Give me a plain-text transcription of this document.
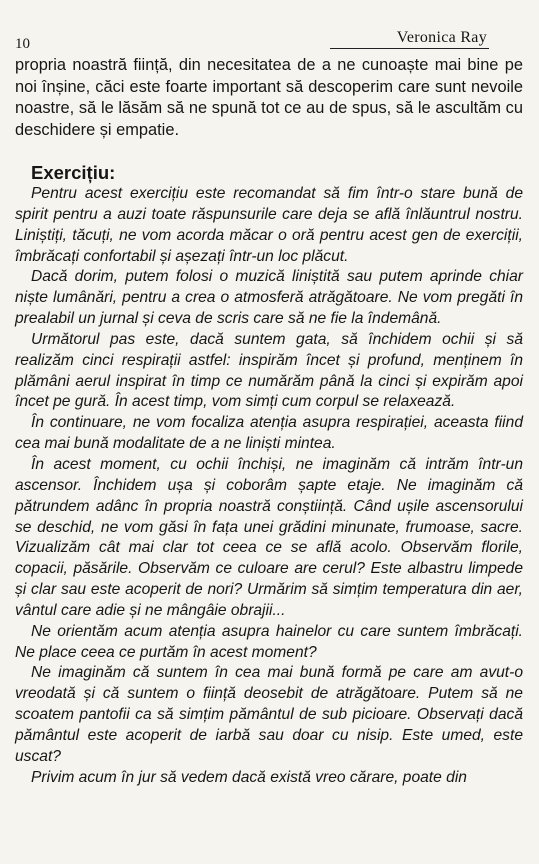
10	Veronica Ray

propria noastră ființă, din necesitatea de a ne cunoaște mai bine pe noi înșine, căci este foarte important să descoperim care sunt nevoile noastre, să le lăsăm să ne spună tot ce au de spus, să le ascultăm cu deschidere și empatie.

Exercițiu:

Pentru acest exercițiu este recomandat să fim într-o stare bună de spirit pentru a auzi toate răspunsurile care deja se află înlăuntrul nostru. Liniștiți, tăcuți, ne vom acorda măcar o oră pentru acest gen de exerciții, îmbrăcați confortabil și așezați într-un loc plăcut.

Dacă dorim, putem folosi o muzică liniștită sau putem aprinde chiar niște lumânări, pentru a crea o atmosferă atrăgătoare. Ne vom pregăti în prealabil un jurnal și ceva de scris care să ne fie la îndemână.

Următorul pas este, dacă suntem gata, să închidem ochii și să realizăm cinci respirații astfel: inspirăm încet și profund, menținem în plămâni aerul inspirat în timp ce numărăm până la cinci și expirăm apoi încet pe gură. În acest timp, vom simți cum corpul se relaxează.

În continuare, ne vom focaliza atenția asupra respirației, aceasta fiind cea mai bună modalitate de a ne liniști mintea.

În acest moment, cu ochii închiși, ne imaginăm că intrăm într-un ascensor. Închidem ușa și coborâm șapte etaje. Ne imaginăm că pătrundem adânc în propria noastră conștiință. Când ușile ascensorului se deschid, ne vom găsi în fața unei grădini minunate, frumoase, sacre. Vizualizăm cât mai clar tot ceea ce se află acolo. Observăm florile, copacii, păsările. Observăm ce culoare are cerul? Este albastru limpede și clar sau este acoperit de nori? Urmărim să simțim temperatura din aer, vântul care adie și ne mângâie obrajii...

Ne orientăm acum atenția asupra hainelor cu care suntem îmbrăcați. Ne place ceea ce purtăm în acest moment?

Ne imaginăm că suntem în cea mai bună formă pe care am avut-o vreodată și că suntem o ființă deosebit de atrăgătoare. Putem să ne scoatem pantofii ca să simțim pământul de sub picioare. Observați dacă pământul este acoperit de iarbă sau doar cu nisip. Este umed, este uscat?

Privim acum în jur să vedem dacă există vreo cărare, poate din
